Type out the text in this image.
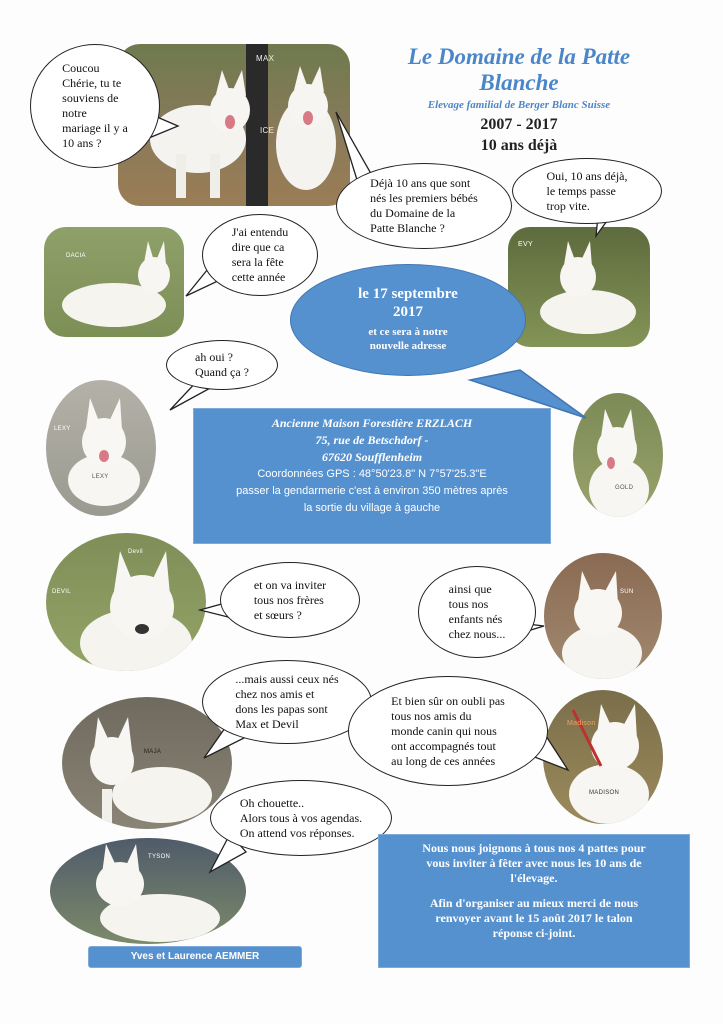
Le Domaine de la Patte
Blanche
Elevage familial de Berger Blanc Suisse
2007 - 2017
10 ans déjà
MAX
ICE
DACIA
EVY
LEXY
LEXY
GOLD
DEVIL
Devil
SUN
MAJA
Madison
MADISON
TYSON
Coucou
Chérie, tu te
souviens de
notre
mariage il y a
10 ans ?
Déjà 10 ans que sont
nés les premiers bébés
du Domaine de la
Patte Blanche ?
Oui, 10 ans déjà,
le temps passe
trop vite.
J'ai entendu
dire que ca
sera la fête
cette année
ah oui ?
Quand ça ?
et on va inviter
tous nos frères
et sœurs ?
ainsi que
tous nos
enfants nés
chez nous...
...mais aussi ceux nés
chez nos amis et
dons les papas sont
Max et Devil
Et bien sûr on oubli pas
tous nos amis du
monde canin qui nous
ont accompagnés tout
au long de ces années
Oh chouette..
Alors tous à vos agendas.
On attend vos réponses.
le 17 septembre
2017
et ce sera à notre
nouvelle adresse
Ancienne Maison Forestière ERZLACH
75, rue de Betschdorf -
67620 Soufflenheim
Coordonnées GPS : 48°50'23.8" N 7°57'25.3"E
passer la gendarmerie c'est à environ 350 mètres après
la sortie du village à gauche
Nous nous joignons à tous nos 4 pattes pour
vous inviter à fêter avec nous les 10 ans de
l'élevage.
Afin d'organiser au mieux merci de nous
renvoyer avant le 15 août 2017 le talon
réponse ci-joint.
Yves et Laurence AEMMER
